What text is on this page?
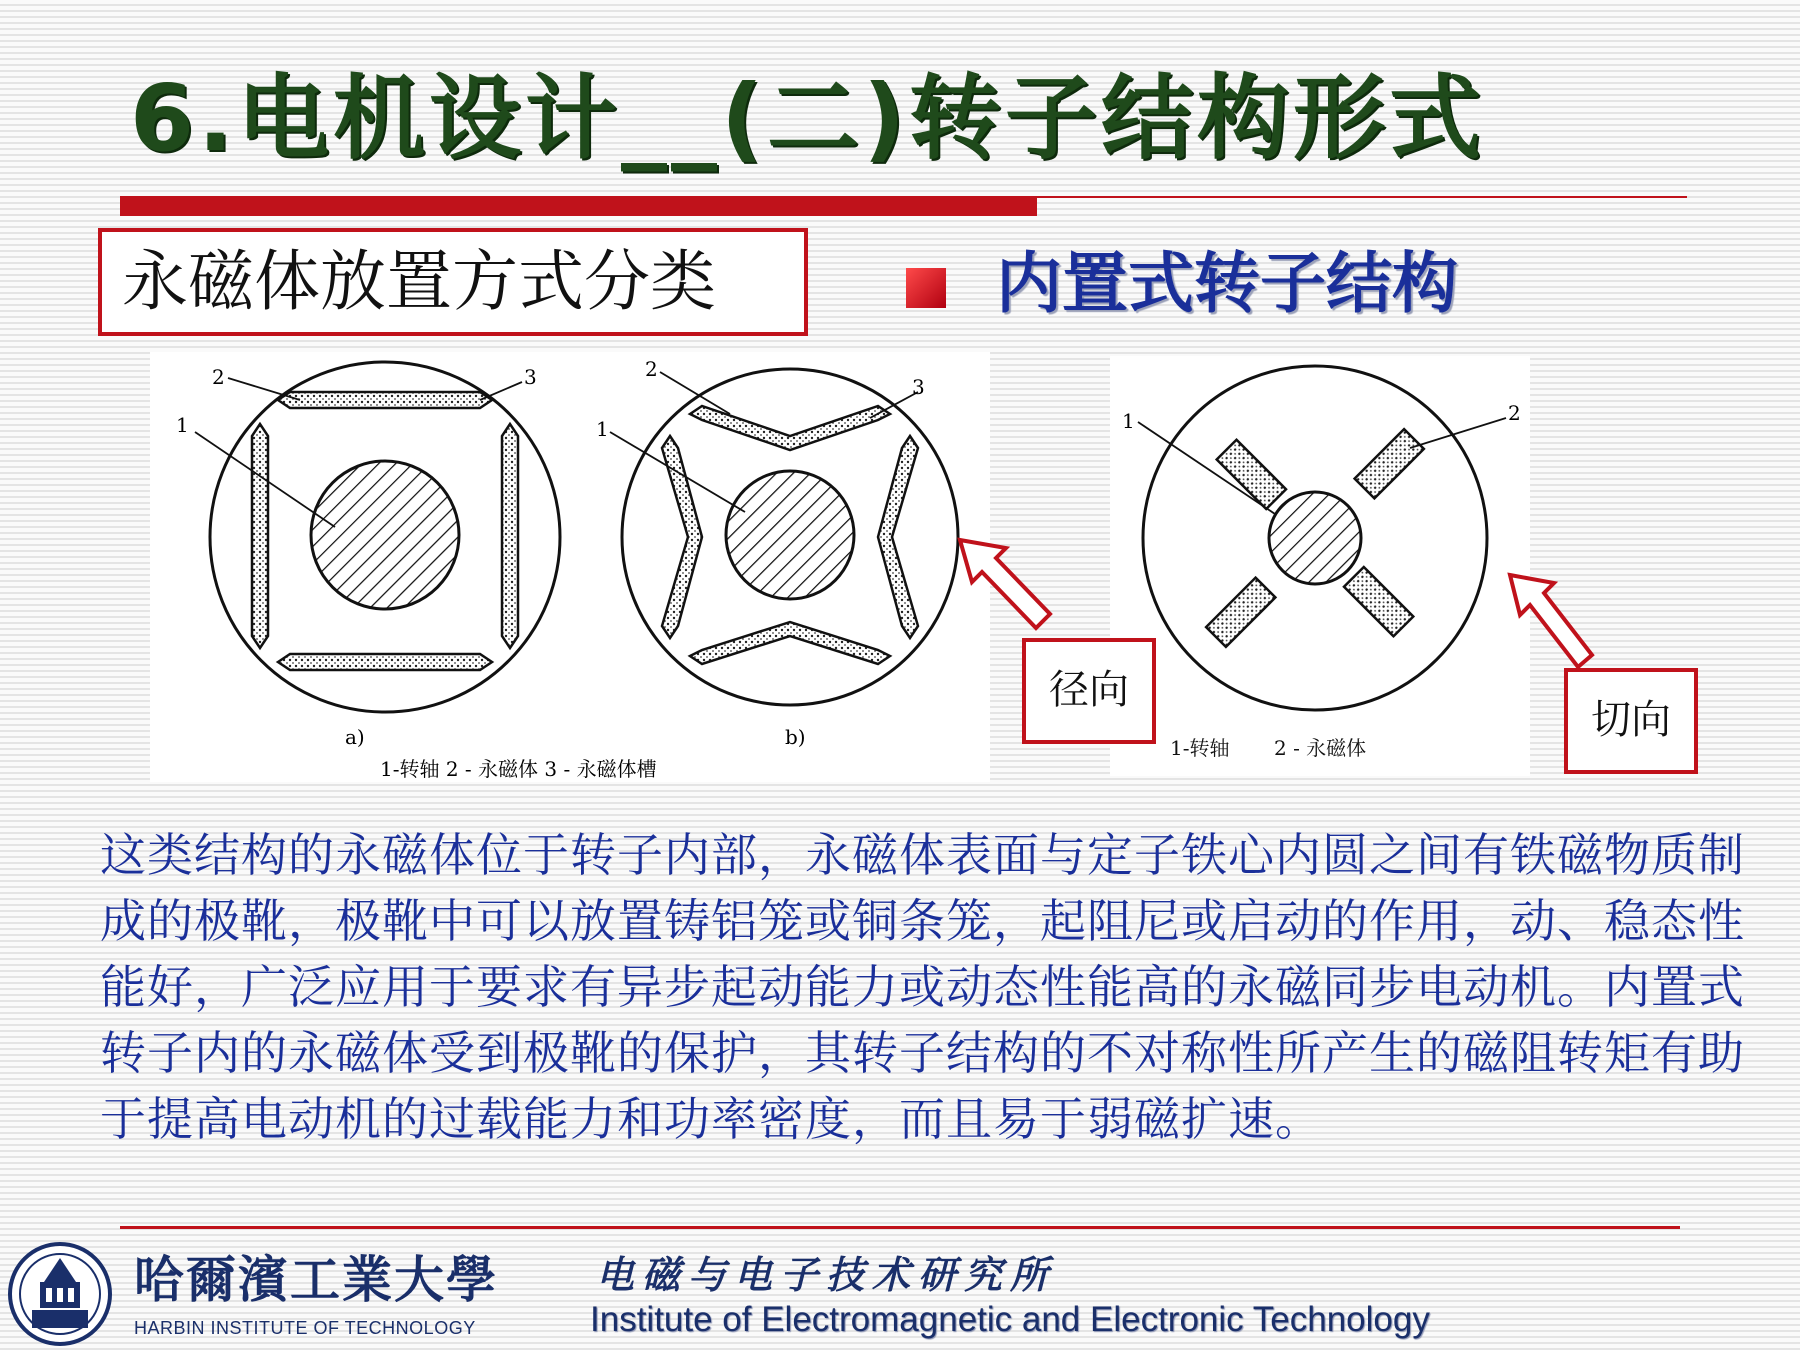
6.电机设计__(二)转子结构形式
永磁体放置方式分类	内置式转子结构
2	3
1
2
3
1
a)	b)
1-转轴 2 - 永磁体 3 - 永磁体槽
1	2
1-转轴       2 - 永磁体
径向
切向
这类结构的永磁体位于转子内部，永磁体表面与定子铁心内圆之间有铁磁物质制成的极靴，极靴中可以放置铸铝笼或铜条笼，起阻尼或启动的作用，动、稳态性能好，广泛应用于要求有异步起动能力或动态性能高的永磁同步电动机。内置式转子内的永磁体受到极靴的保护，其转子结构的不对称性所产生的磁阻转矩有助于提高电动机的过载能力和功率密度，而且易于弱磁扩速。
哈爾濱工業大學
HARBIN INSTITUTE OF TECHNOLOGY
电磁与电子技术研究所
Institute of Electromagnetic and Electronic Technology
